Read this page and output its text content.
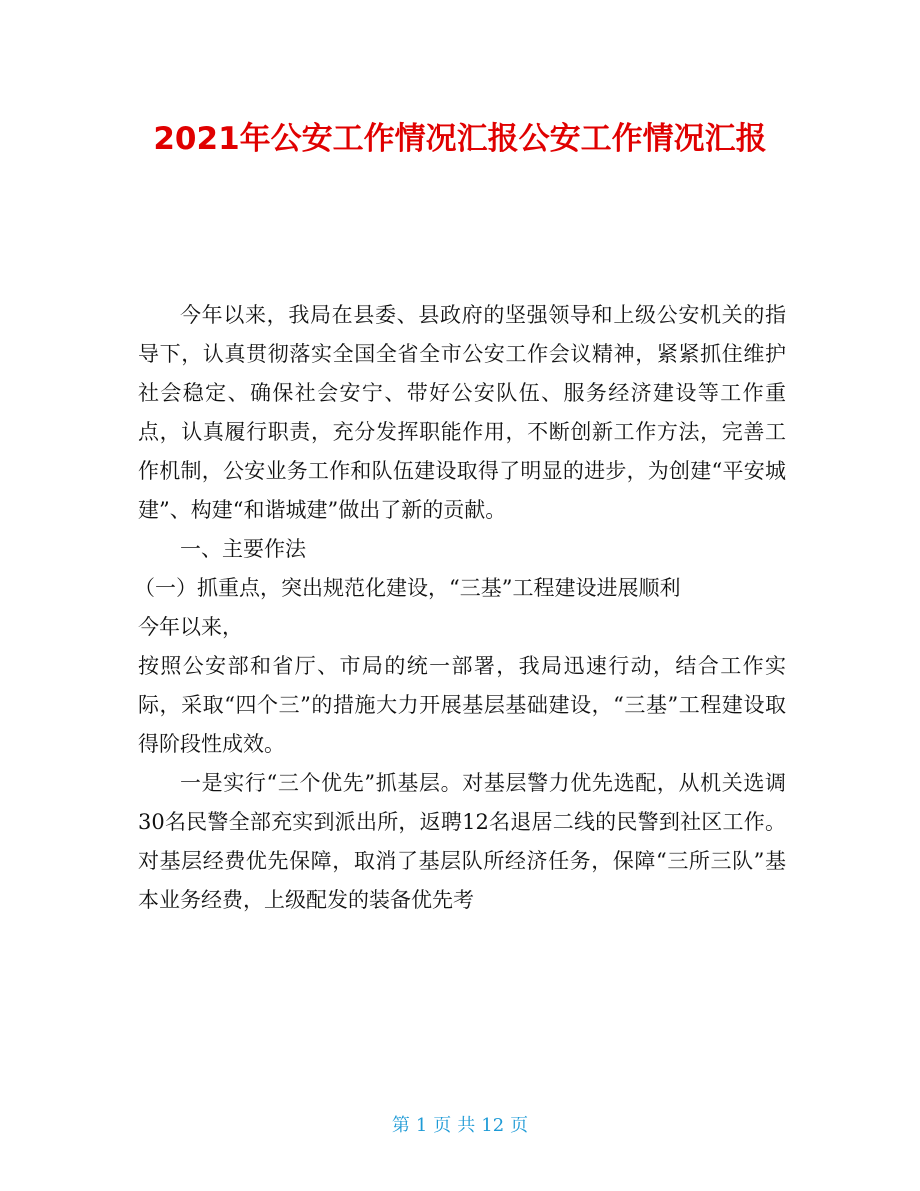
2021年公安工作情况汇报公安工作情况汇报

今年以来，我局在县委、县政府的坚强领导和上级公安机关的指导下，认真贯彻落实全国全省全市公安工作会议精神，紧紧抓住维护社会稳定、确保社会安宁、带好公安队伍、服务经济建设等工作重点，认真履行职责，充分发挥职能作用，不断创新工作方法，完善工作机制，公安业务工作和队伍建设取得了明显的进步，为创建“平安城建”、构建“和谐城建”做出了新的贡献。

一、主要作法

（一）抓重点，突出规范化建设，“三基”工程建设进展顺利

今年以来，

按照公安部和省厅、市局的统一部署，我局迅速行动，结合工作实际，采取“四个三”的措施大力开展基层基础建设，“三基”工程建设取得阶段性成效。

一是实行“三个优先”抓基层。对基层警力优先选配，从机关选调30名民警全部充实到派出所，返聘12名退居二线的民警到社区工作。对基层经费优先保障，取消了基层队所经济任务，保障“三所三队”基本业务经费，上级配发的装备优先考

第 1 页 共 12 页
